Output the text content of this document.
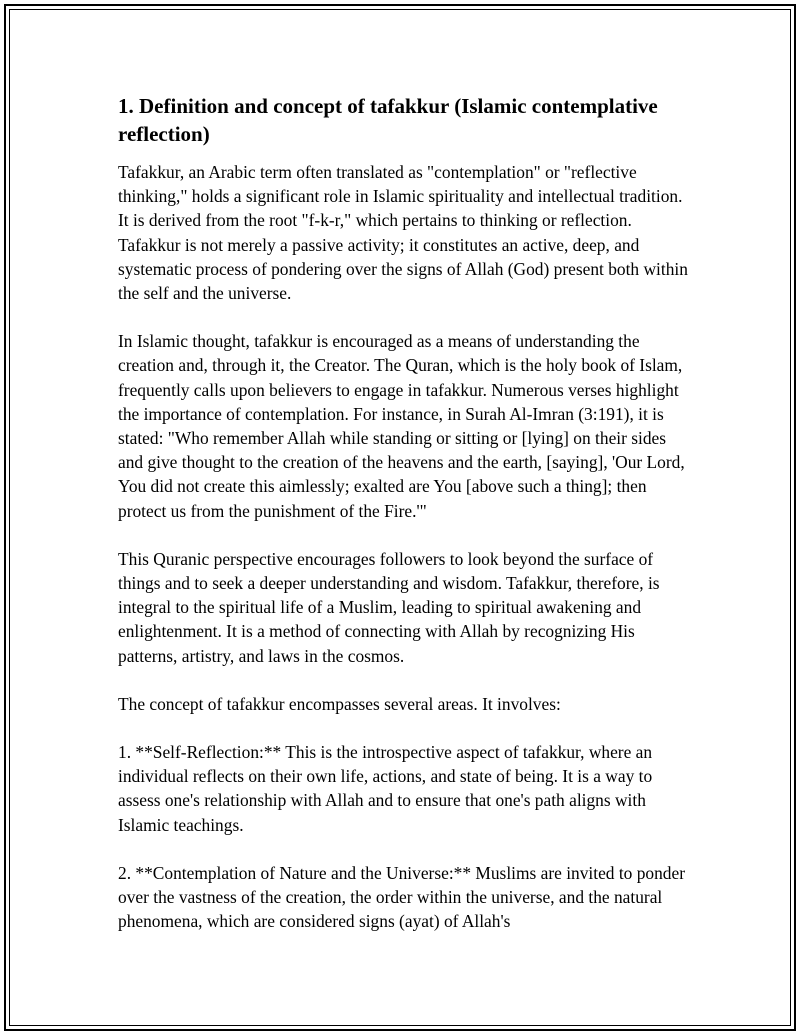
1. Definition and concept of tafakkur (Islamic contemplative reflection)

Tafakkur, an Arabic term often translated as "contemplation" or "reflective thinking," holds a significant role in Islamic spirituality and intellectual tradition. It is derived from the root "f-k-r," which pertains to thinking or reflection. Tafakkur is not merely a passive activity; it constitutes an active, deep, and systematic process of pondering over the signs of Allah (God) present both within the self and the universe.

In Islamic thought, tafakkur is encouraged as a means of understanding the creation and, through it, the Creator. The Quran, which is the holy book of Islam, frequently calls upon believers to engage in tafakkur. Numerous verses highlight the importance of contemplation. For instance, in Surah Al-Imran (3:191), it is stated: "Who remember Allah while standing or sitting or [lying] on their sides and give thought to the creation of the heavens and the earth, [saying], 'Our Lord, You did not create this aimlessly; exalted are You [above such a thing]; then protect us from the punishment of the Fire.'"

This Quranic perspective encourages followers to look beyond the surface of things and to seek a deeper understanding and wisdom. Tafakkur, therefore, is integral to the spiritual life of a Muslim, leading to spiritual awakening and enlightenment. It is a method of connecting with Allah by recognizing His patterns, artistry, and laws in the cosmos.

The concept of tafakkur encompasses several areas. It involves:

1. **Self-Reflection:** This is the introspective aspect of tafakkur, where an individual reflects on their own life, actions, and state of being. It is a way to assess one's relationship with Allah and to ensure that one's path aligns with Islamic teachings.

2. **Contemplation of Nature and the Universe:** Muslims are invited to ponder over the vastness of the creation, the order within the universe, and the natural phenomena, which are considered signs (ayat) of Allah's
